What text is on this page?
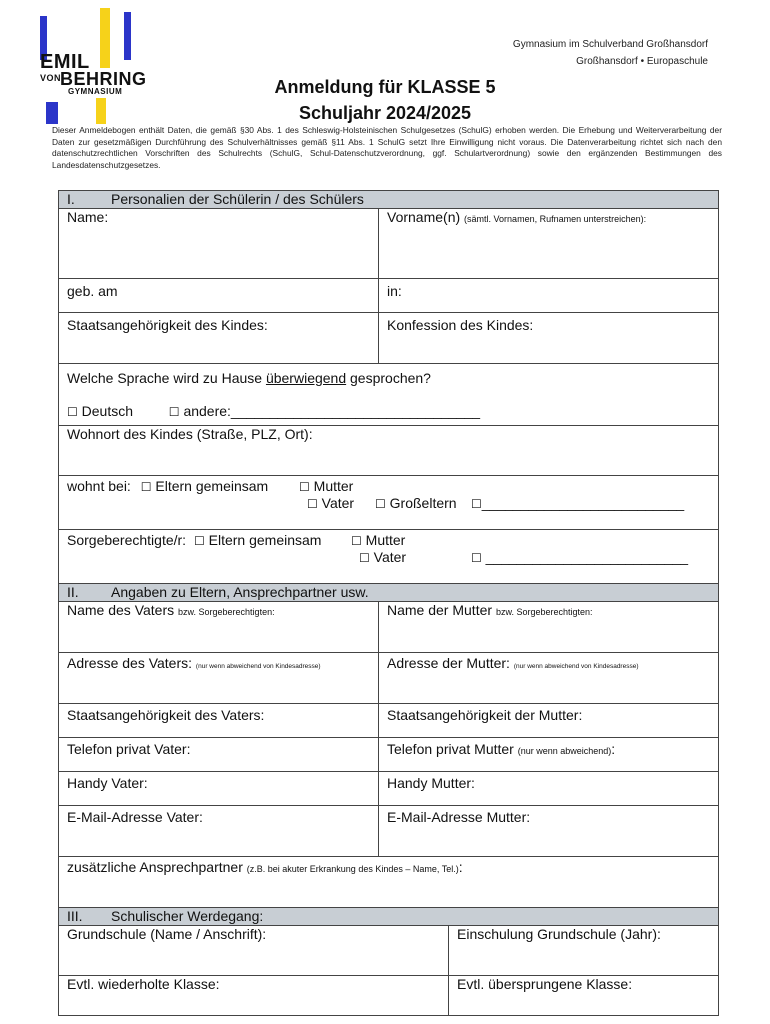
EMIL
VON
BEHRING
GYMNASIUM
Gymnasium im Schulverband Großhansdorf
Großhansdorf • Europaschule
Anmeldung für KLASSE 5
Schuljahr 2024/2025
Dieser Anmeldebogen enthält Daten, die gemäß §30 Abs. 1 des Schleswig-Holsteinischen Schulgesetzes (SchulG) erhoben werden. Die Erhebung und Weiterverarbeitung der Daten zur gesetzmäßigen Durchführung des Schulverhältnisses gemäß §11 Abs. 1 SchulG setzt Ihre Einwilligung nicht voraus. Die Datenverarbeitung richtet sich nach den datenschutzrechtlichen Vorschriften des Schulrechts (SchulG, Schul-Datenschutzverordnung, ggf. Schulartverordnung) sowie den ergänzenden Bestimmungen des Landesdatenschutzgesetzes.
I. Personalien der Schülerin / des Schülers		
Name:	Vorname(n) (sämtl. Vornamen, Rufnamen unterstreichen):	
geb. am	in:	
Staatsangehörigkeit des Kindes:	Konfession des Kindes:	

Welche Sprache wird zu Hause überwiegend gesprochen?
☐ Deutsch ☐ andere:________________________________		

Wohnort des Kindes (Straße, PLZ, Ort):		

wohnt bei: ☐ Eltern gemeinsam ☐ Mutter
☐ Vater ☐ Großeltern ☐__________________________		

Sorgeberechtigte/r: ☐ Eltern gemeinsam ☐ Mutter
☐ Vater ☐ __________________________		

II. Angaben zu Eltern, Ansprechpartner usw.		
Name des Vaters bzw. Sorgeberechtigten:	Name der Mutter bzw. Sorgeberechtigten:	
Adresse des Vaters: (nur wenn abweichend von Kindesadresse)	Adresse der Mutter: (nur wenn abweichend von Kindesadresse)	
Staatsangehörigkeit des Vaters:	Staatsangehörigkeit der Mutter:	
Telefon privat Vater:	Telefon privat Mutter (nur wenn abweichend):	
Handy Vater:	Handy Mutter:	
E-Mail-Adresse Vater:	E-Mail-Adresse Mutter:	
zusätzliche Ansprechpartner (z.B. bei akuter Erkrankung des Kindes – Name, Tel.):		
III. Schulischer Werdegang:		
Grundschule (Name / Anschrift):		Einschulung Grundschule (Jahr):
Evtl. wiederholte Klasse:		Evtl. übersprungene Klasse:
